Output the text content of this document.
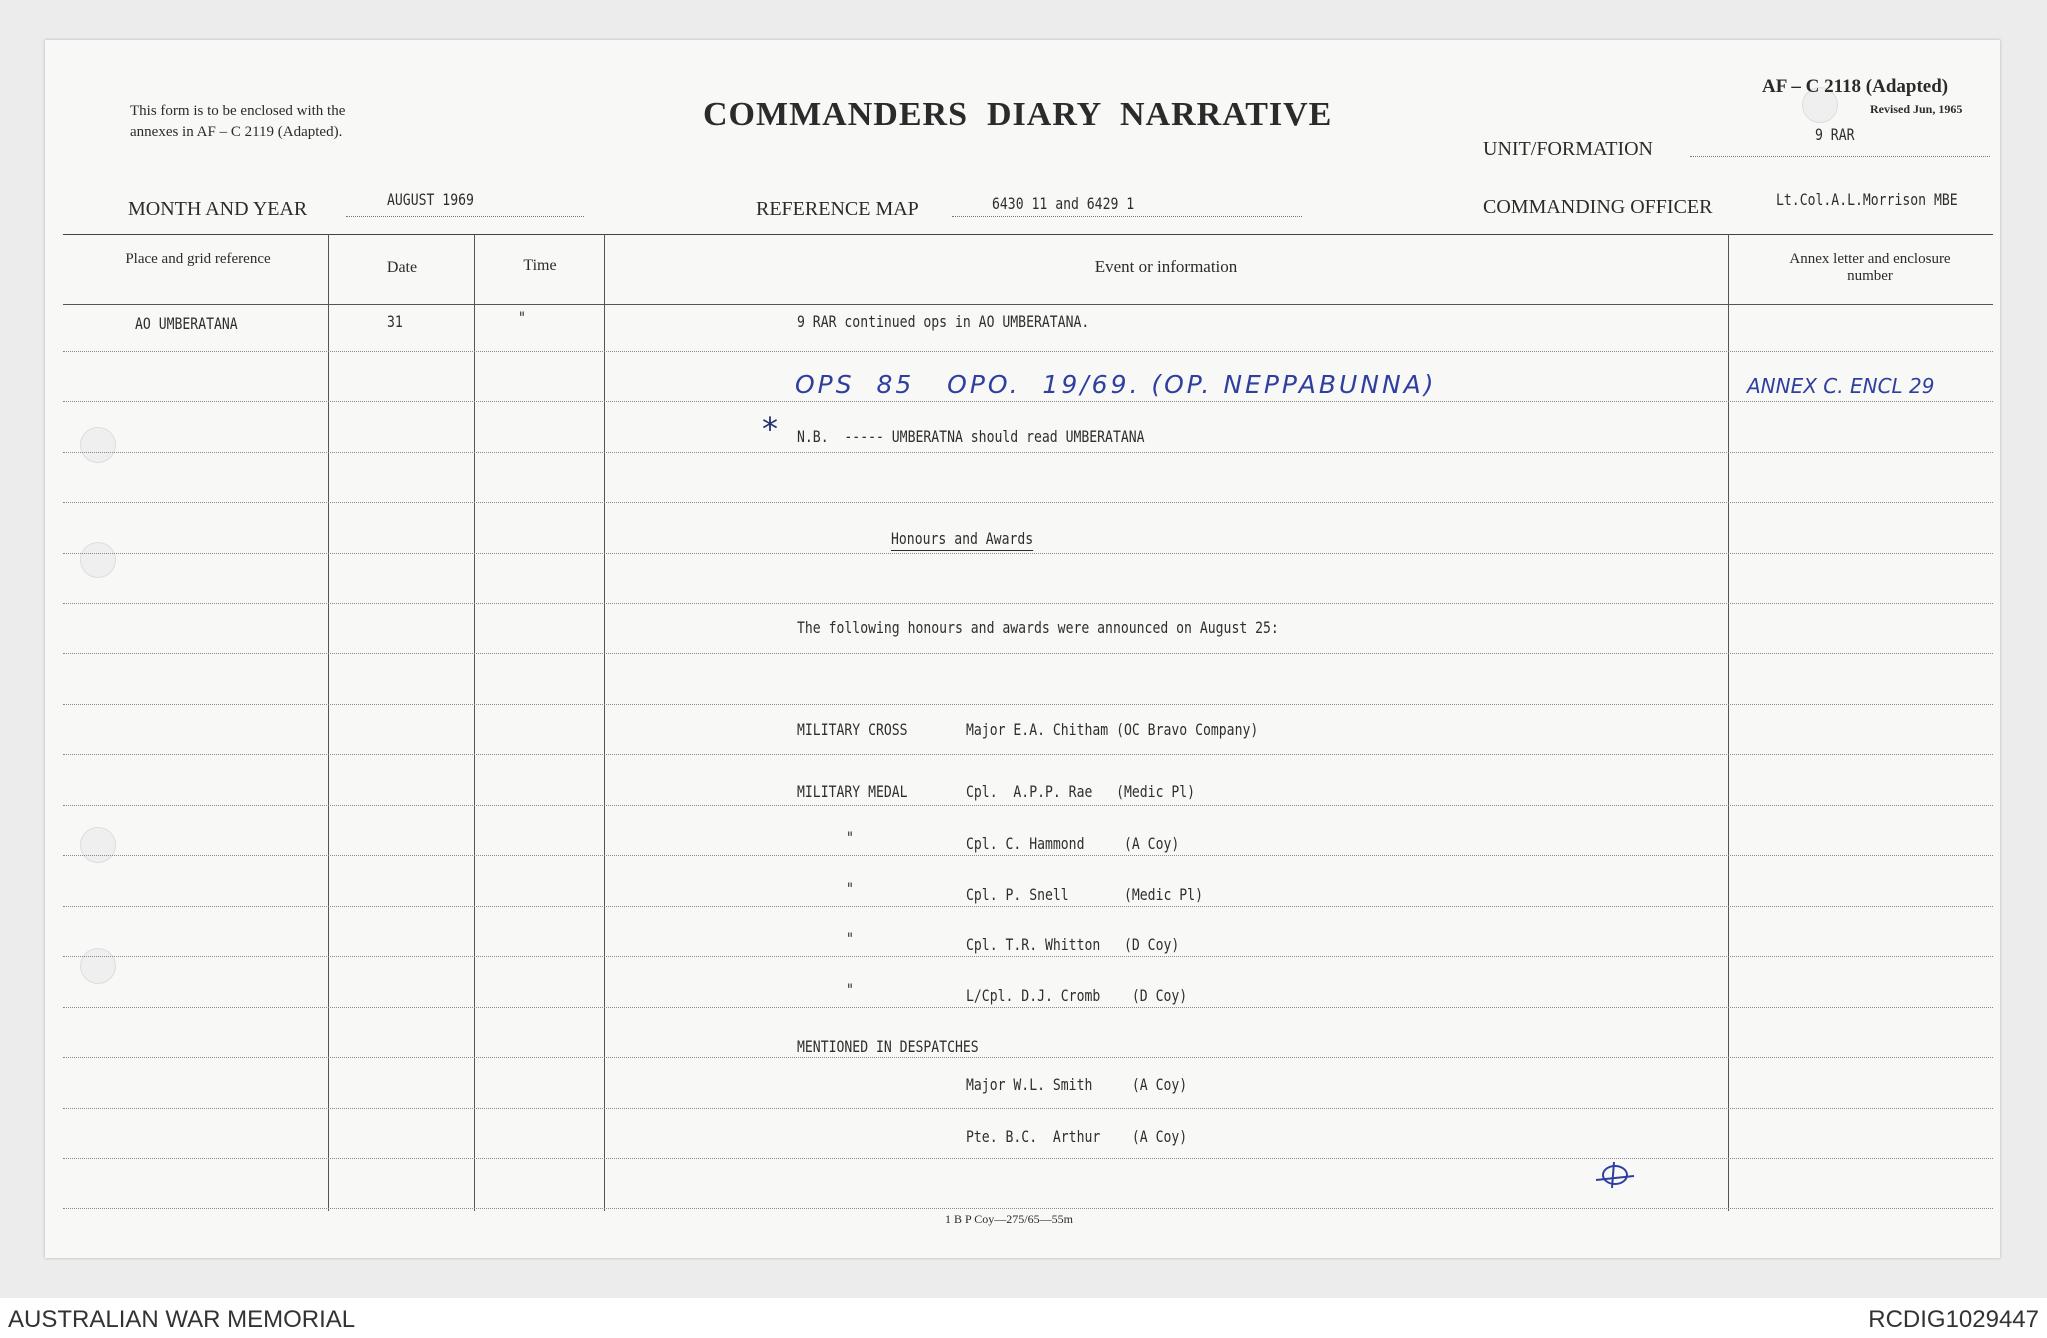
This form is to be enclosed with the
annexes in AF – C 2119 (Adapted).	COMMANDERS  DIARY  NARRATIVE
AF – C 2118 (Adapted)
Revised Jun, 1965
UNIT/FORMATION
9 RAR
MONTH AND YEAR	AUGUST 1969	REFERENCE MAP	6430 11 and 6429 1	COMMANDING OFFICER	Lt.Col.A.L.Morrison MBE
Place and grid reference	Date	Time	Event or information	Annex letter and enclosure number
AO UMBERATANA	31	"	9 RAR continued ops in AO UMBERATANA.
OPS  85   OPO.  19/69. (OP. NEPPABUNNA)	ANNEX C. ENCL 29
* N.B.  ----- UMBERATNA should read UMBERATANA
Honours and Awards
The following honours and awards were announced on August 25:
MILITARY CROSS	Major E.A. Chitham (OC Bravo Company)
MILITARY MEDAL	Cpl.  A.P.P. Rae   (Medic Pl)
"	Cpl. C. Hammond     (A Coy)
"	Cpl. P. Snell       (Medic Pl)
"	Cpl. T.R. Whitton   (D Coy)
"	L/Cpl. D.J. Cromb    (D Coy)
MENTIONED IN DESPATCHES
Major W.L. Smith     (A Coy)
Pte. B.C.  Arthur    (A Coy)
1 B P Coy—275/65—55m
AUSTRALIAN WAR MEMORIAL	RCDIG1029447
